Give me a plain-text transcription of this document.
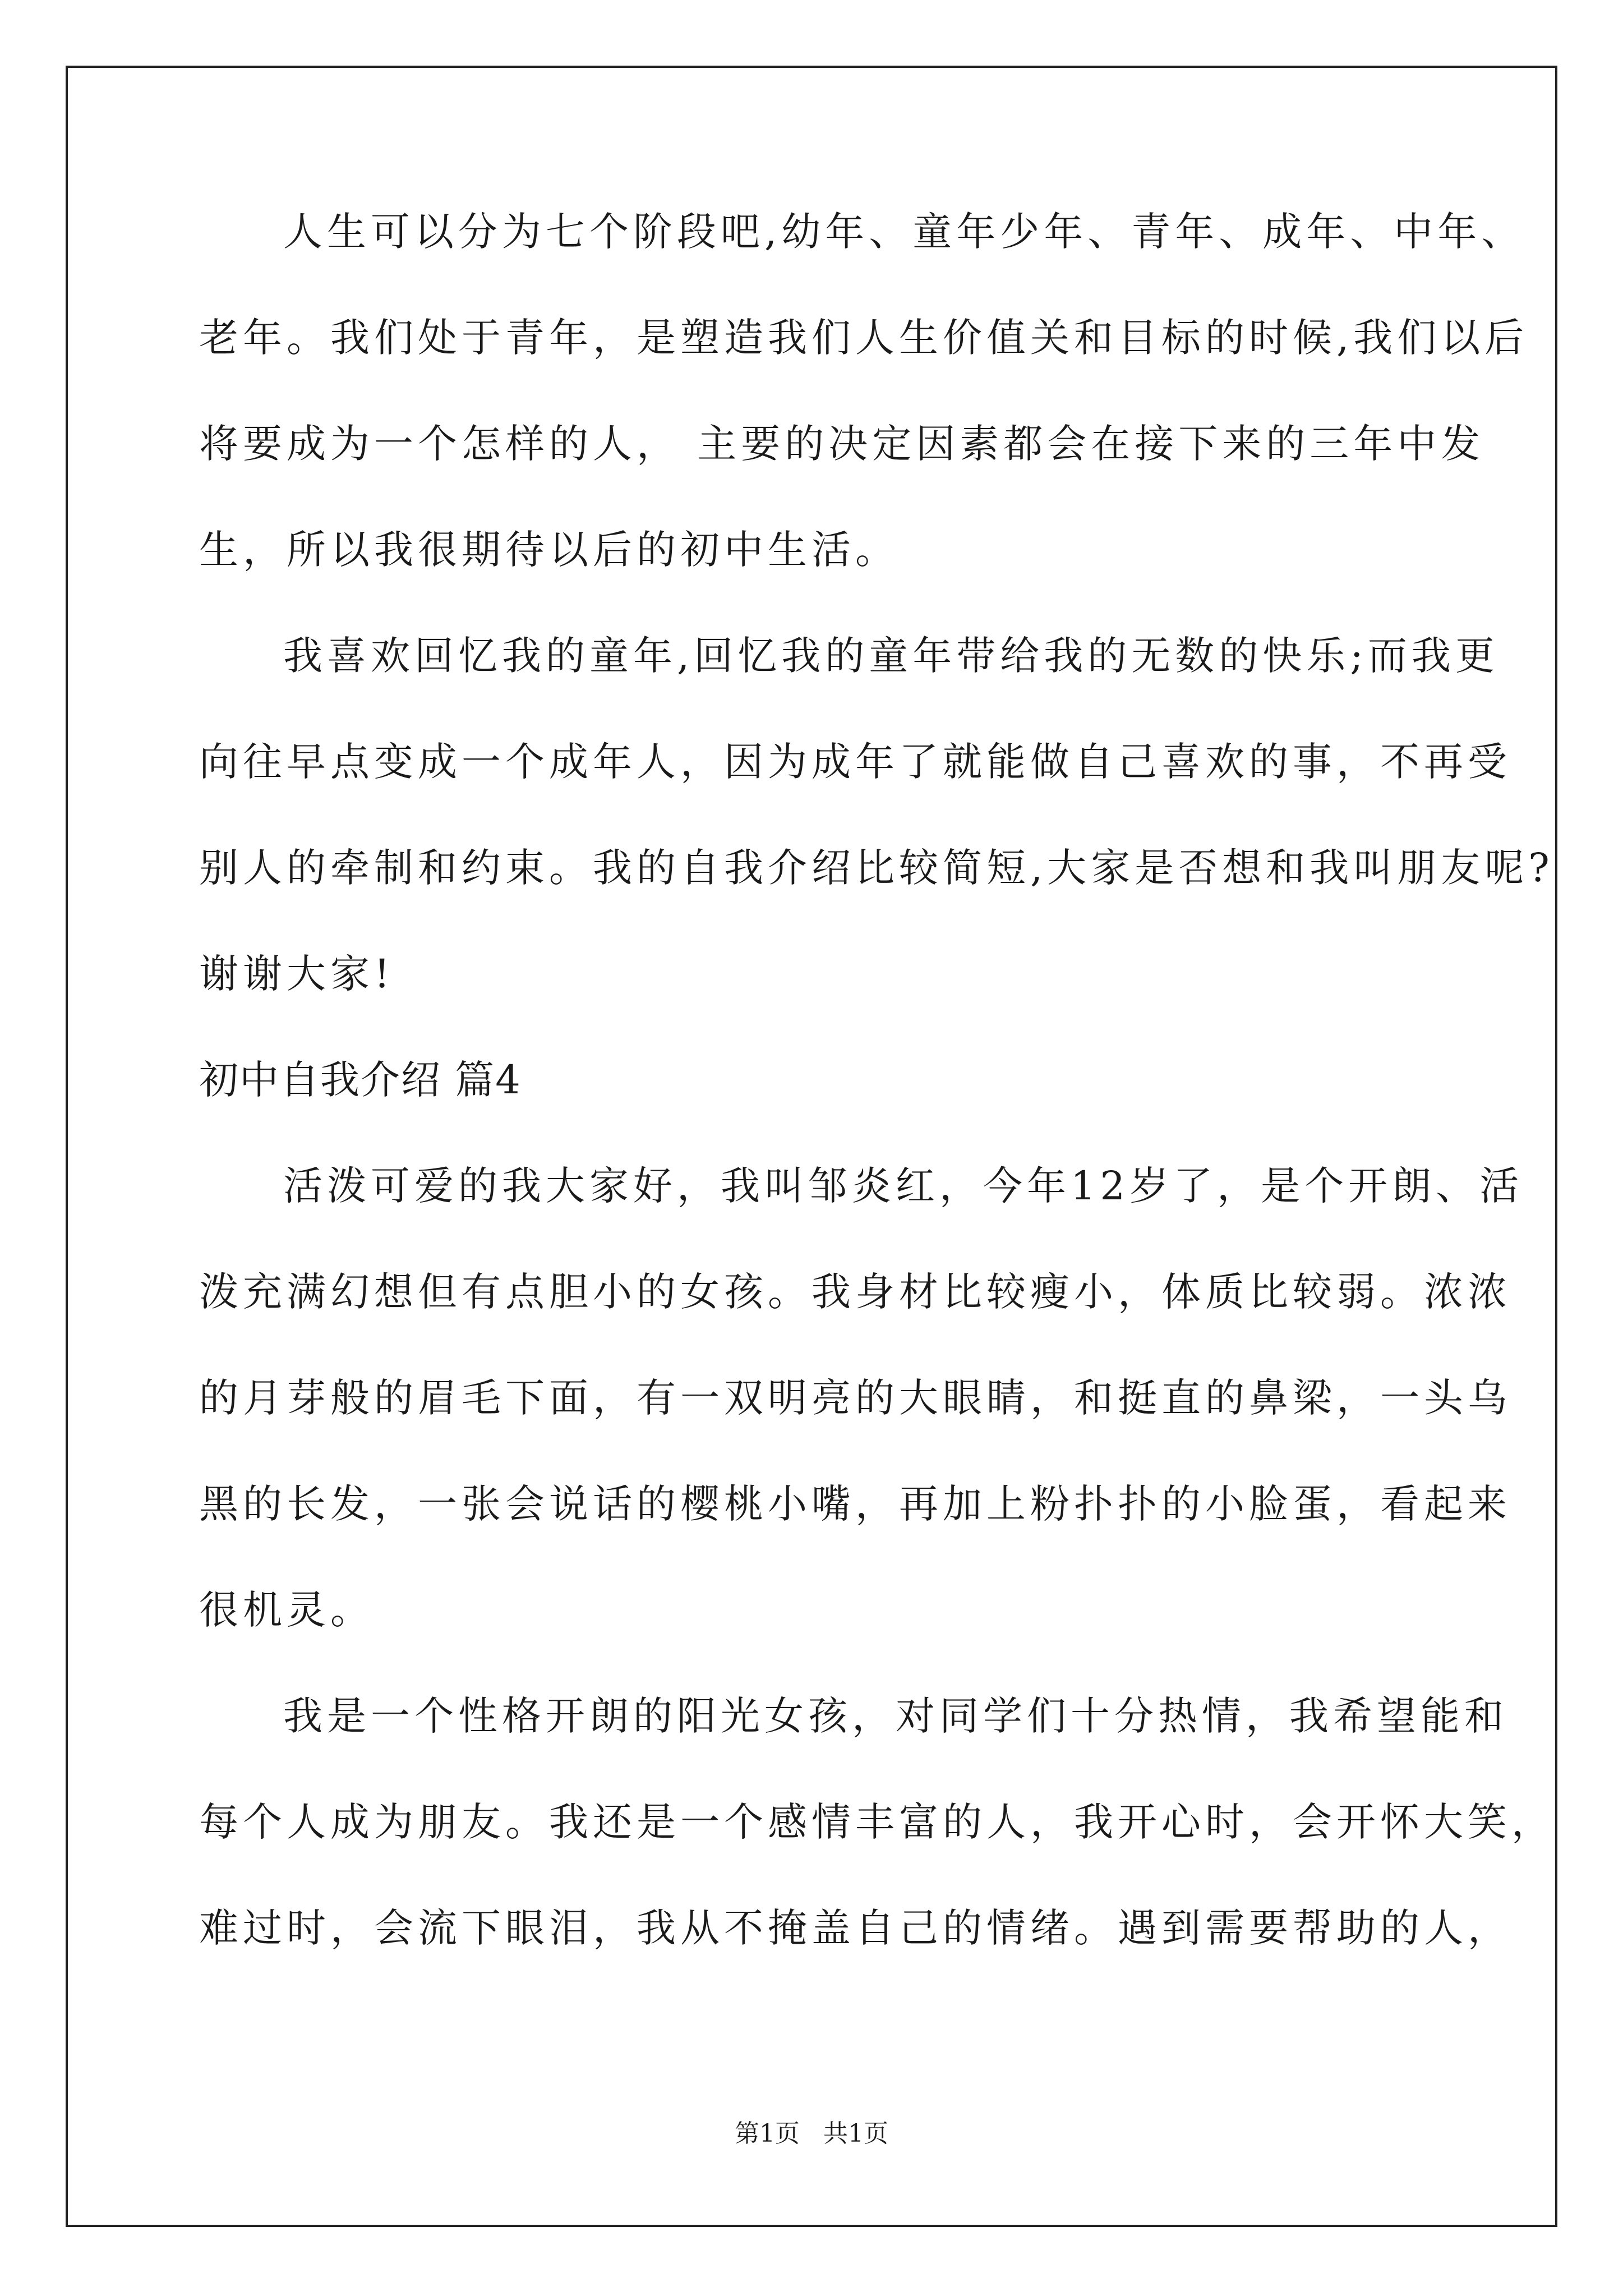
人生可以分为七个阶段吧,幼年、童年少年、青年、成年、中年、
老年。我们处于青年，是塑造我们人生价值关和目标的时候,我们以后
将要成为一个怎样的人， 主要的决定因素都会在接下来的三年中发
生，所以我很期待以后的初中生活。
我喜欢回忆我的童年,回忆我的童年带给我的无数的快乐;而我更
向往早点变成一个成年人，因为成年了就能做自己喜欢的事，不再受
别人的牵制和约束。我的自我介绍比较简短,大家是否想和我叫朋友呢?
谢谢大家!
初中自我介绍 篇4
活泼可爱的我大家好，我叫邹炎红，今年12岁了，是个开朗、活
泼充满幻想但有点胆小的女孩。我身材比较瘦小，体质比较弱。浓浓
的月芽般的眉毛下面，有一双明亮的大眼睛，和挺直的鼻梁，一头乌
黑的长发，一张会说话的樱桃小嘴，再加上粉扑扑的小脸蛋，看起来
很机灵。
我是一个性格开朗的阳光女孩，对同学们十分热情，我希望能和
每个人成为朋友。我还是一个感情丰富的人，我开心时，会开怀大笑，
难过时，会流下眼泪，我从不掩盖自己的情绪。遇到需要帮助的人，
第1页 共1页
